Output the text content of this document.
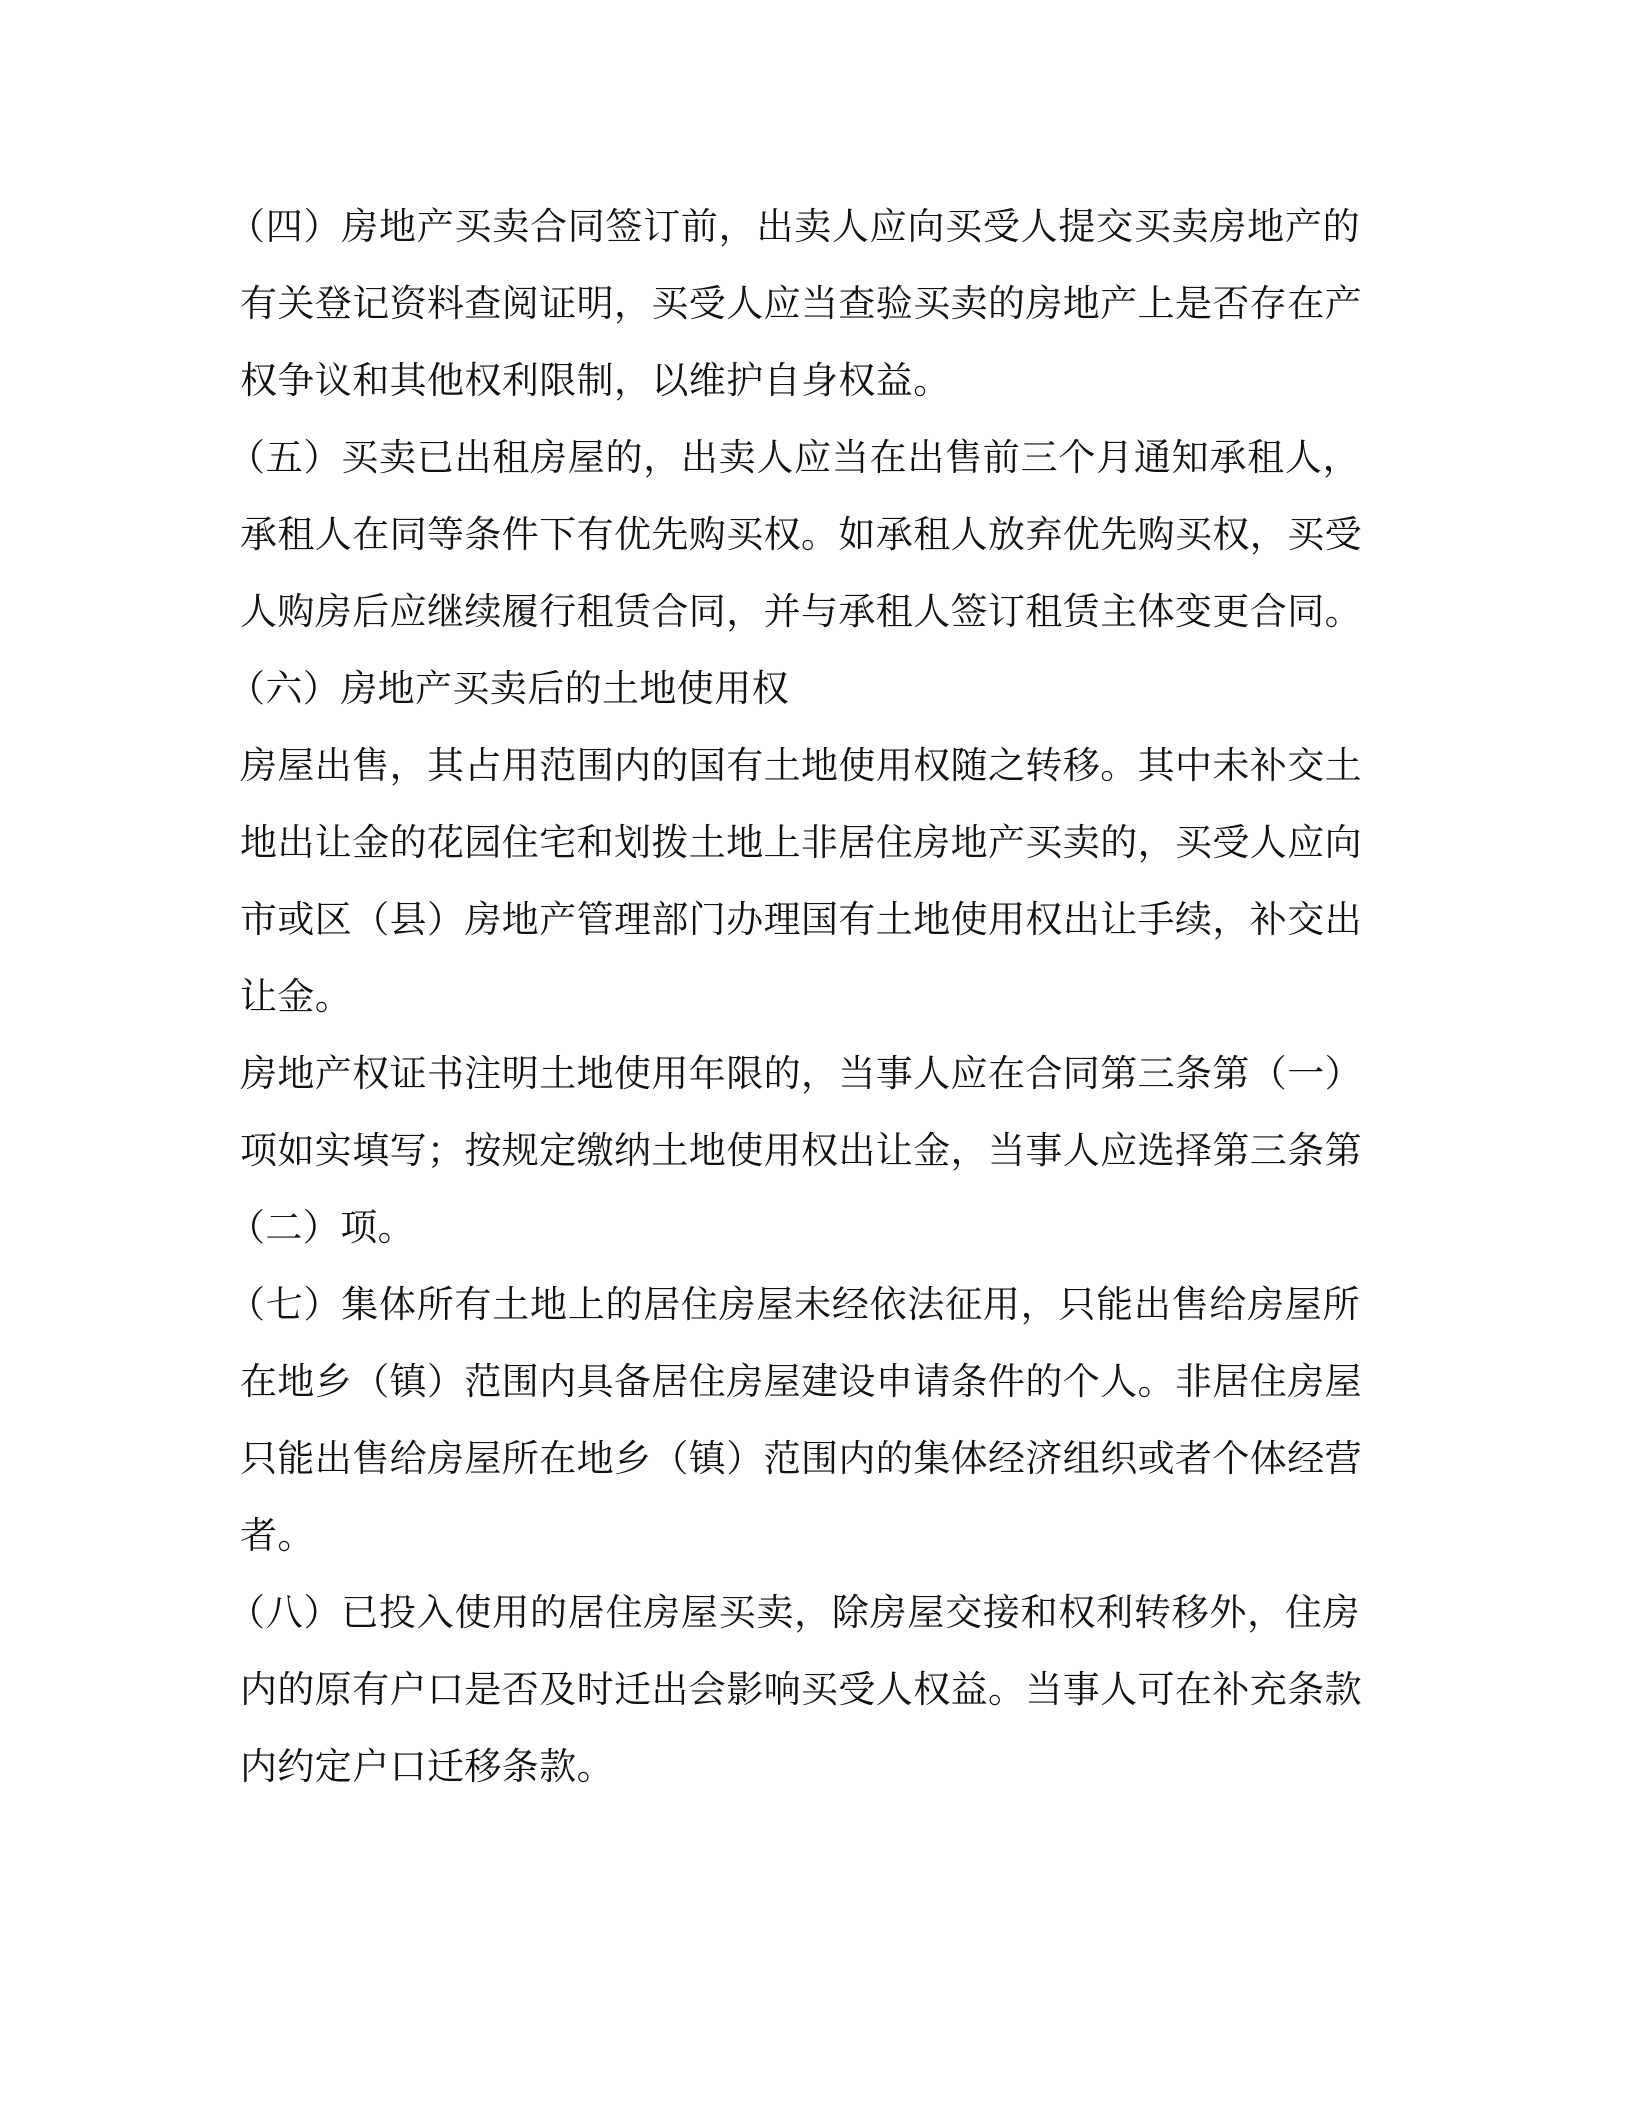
（四）房地产买卖合同签订前，出卖人应向买受人提交买卖房地产的
有关登记资料查阅证明，买受人应当查验买卖的房地产上是否存在产
权争议和其他权利限制，以维护自身权益。
（五）买卖已出租房屋的，出卖人应当在出售前三个月通知承租人，
承租人在同等条件下有优先购买权。如承租人放弃优先购买权，买受
人购房后应继续履行租赁合同，并与承租人签订租赁主体变更合同。
（六）房地产买卖后的土地使用权
房屋出售，其占用范围内的国有土地使用权随之转移。其中未补交土
地出让金的花园住宅和划拨土地上非居住房地产买卖的，买受人应向
市或区（县）房地产管理部门办理国有土地使用权出让手续，补交出
让金。
房地产权证书注明土地使用年限的，当事人应在合同第三条第（一）
项如实填写；按规定缴纳土地使用权出让金，当事人应选择第三条第
（二）项。
（七）集体所有土地上的居住房屋未经依法征用，只能出售给房屋所
在地乡（镇）范围内具备居住房屋建设申请条件的个人。非居住房屋
只能出售给房屋所在地乡（镇）范围内的集体经济组织或者个体经营
者。
（八）已投入使用的居住房屋买卖，除房屋交接和权利转移外，住房
内的原有户口是否及时迁出会影响买受人权益。当事人可在补充条款
内约定户口迁移条款。
